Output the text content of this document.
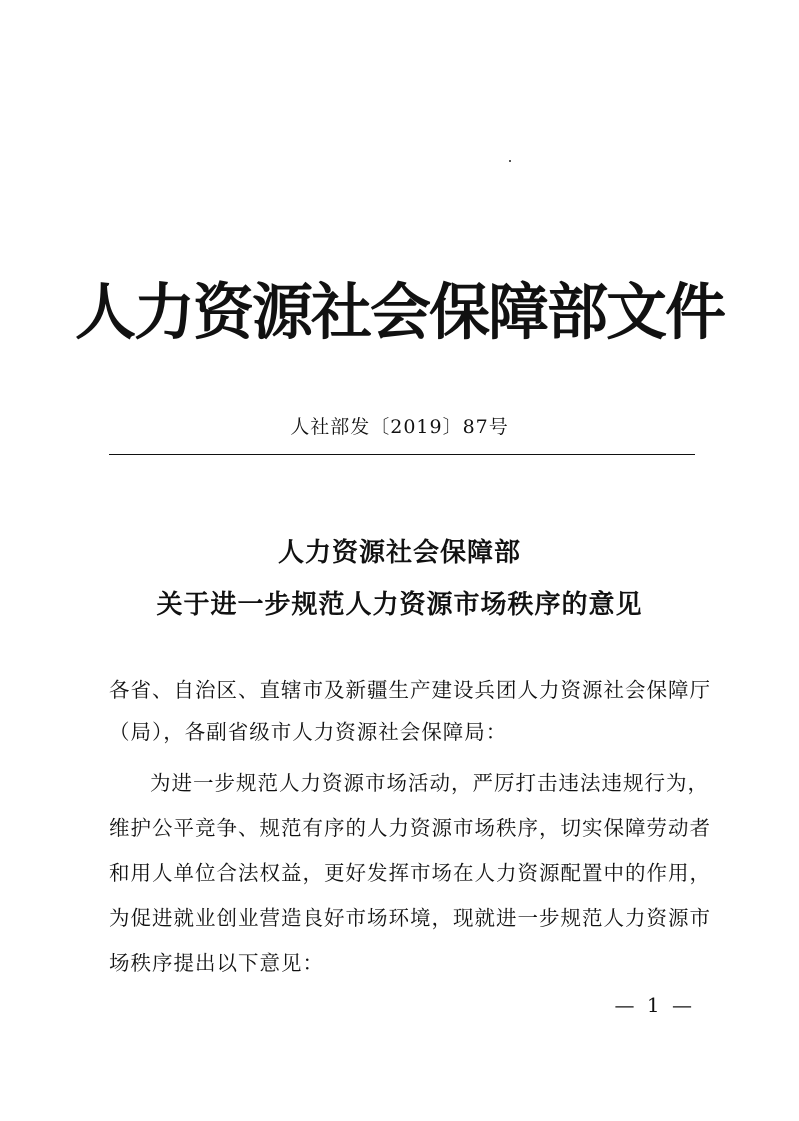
人力资源社会保障部文件
人社部发〔2019〕87号
人力资源社会保障部
关于进一步规范人力资源市场秩序的意见
各省、自治区、直辖市及新疆生产建设兵团人力资源社会保障厅
（局），各副省级市人力资源社会保障局：
为进一步规范人力资源市场活动，严厉打击违法违规行为，
维护公平竞争、规范有序的人力资源市场秩序，切实保障劳动者
和用人单位合法权益，更好发挥市场在人力资源配置中的作用，
为促进就业创业营造良好市场环境，现就进一步规范人力资源市
场秩序提出以下意见：
— 1 —
